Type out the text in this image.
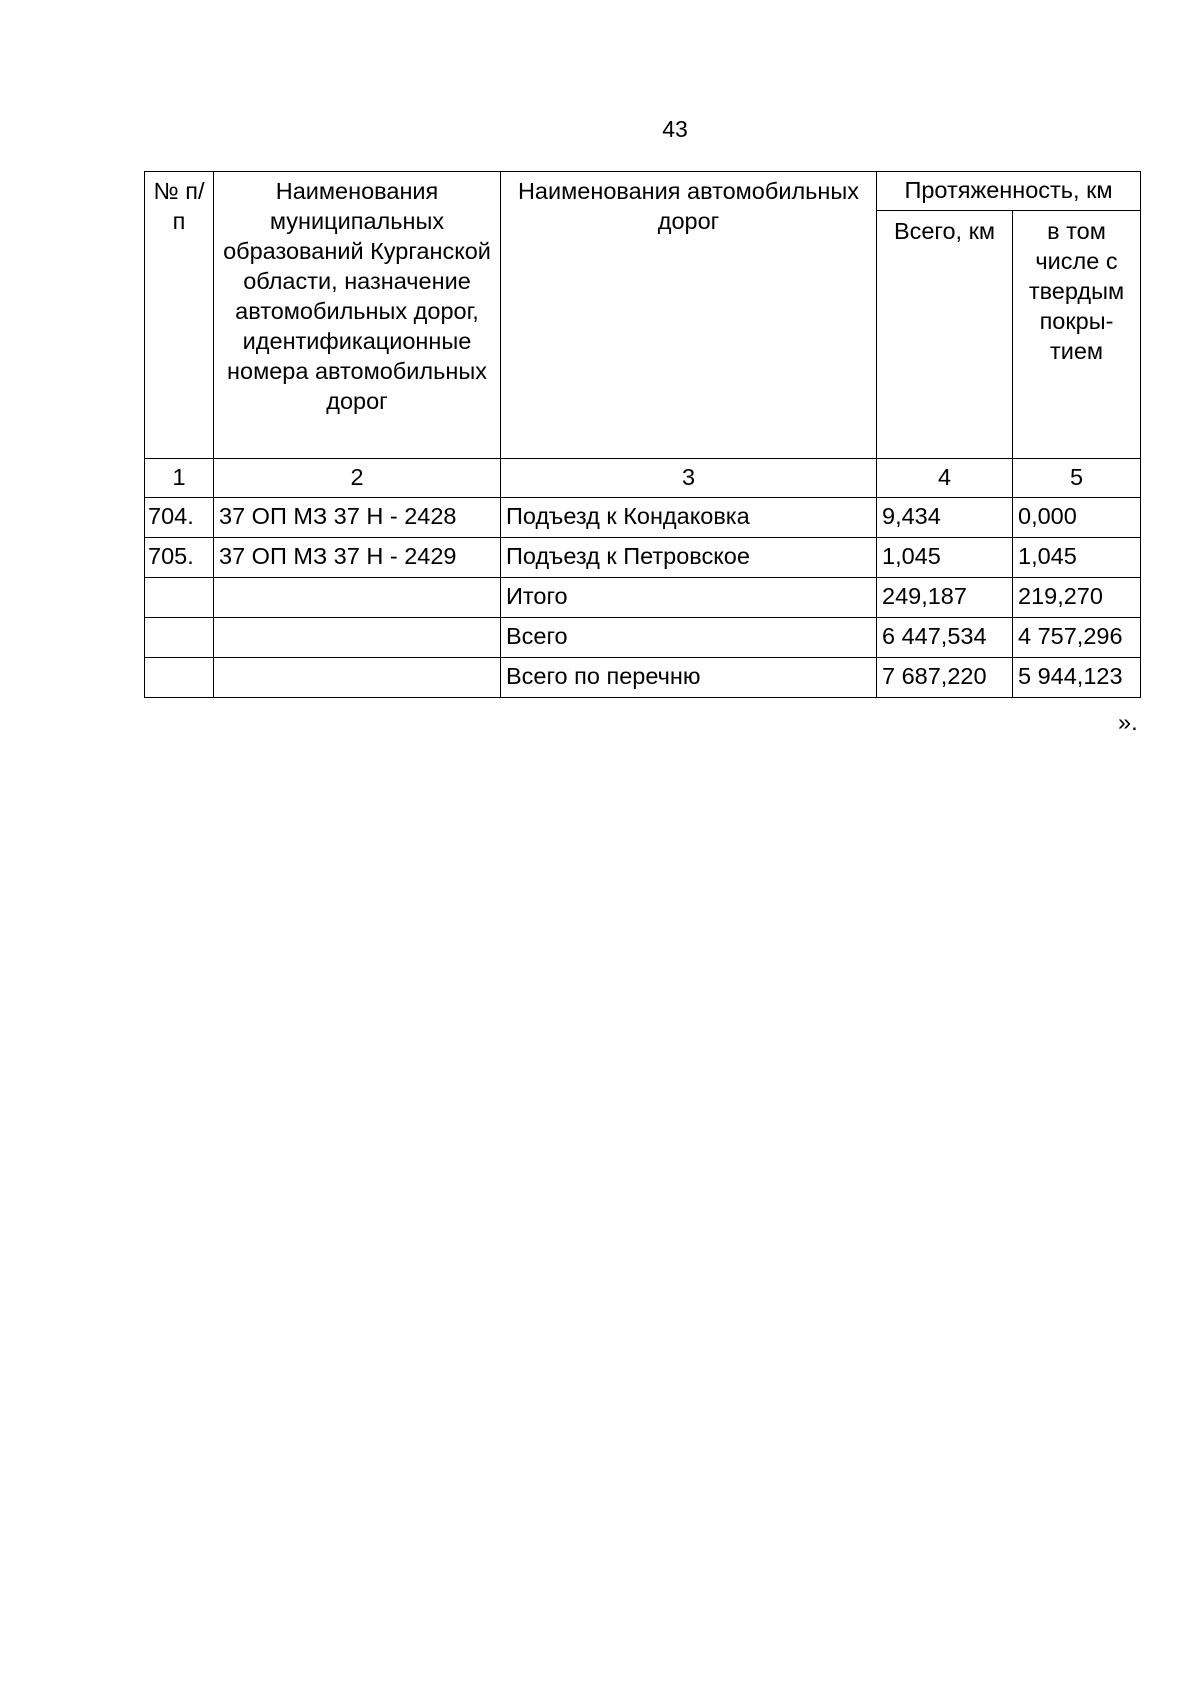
43
№ п/п	Наименования муниципальных образований Курганской области, назначение автомобильных дорог, идентификационные номера автомобильных дорог	Наименования автомобильных дорог	Протяженность, км	
			Всего, км	в том числе с твердым покры- тием
1	2	3	4	5
704.	37 ОП МЗ 37 Н - 2428	Подъезд к Кондаковка	9,434	0,000
705.	37 ОП МЗ 37 Н - 2429	Подъезд к Петровское	1,045	1,045
		Итого	249,187	219,270
		Всего	6 447,534	4 757,296
		Всего по перечню	7 687,220	5 944,123
».
